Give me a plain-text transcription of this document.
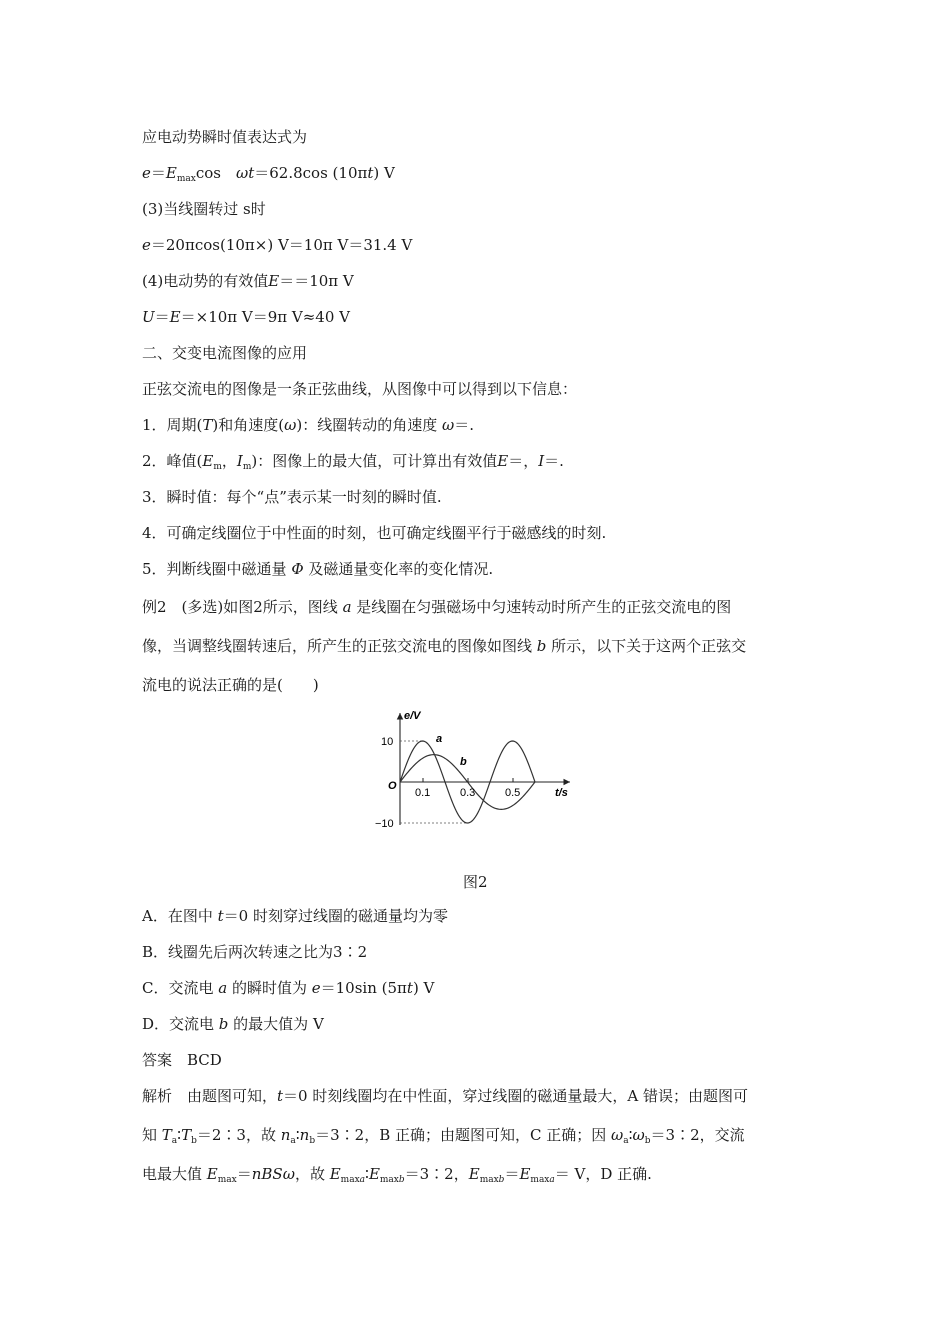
应电动势瞬时值表达式为
$e=E_{max}\cos$　ωt＝62.8cos (10πt) V
(3)当线圈转过 s时
e＝20πcos(10π×) V＝10π V＝31.4 V
(4)电动势的有效值E＝＝10π V
U＝E＝×10π V＝9π V≈40 V
二、交变电流图像的应用
正弦交流电的图像是一条正弦曲线，从图像中可以得到以下信息：
1．周期(T)和角速度(ω)：线圈转动的角速度 ω＝.
2．峰值($E_m$，$I_m$)：图像上的最大值，可计算出有效值E＝，I＝.
3．瞬时值：每个“点”表示某一时刻的瞬时值.
4．可确定线圈位于中性面的时刻，也可确定线圈平行于磁感线的时刻.
5．判断线圈中磁通量 Φ 及磁通量变化率的变化情况.
例2　(多选)如图2所示，图线 a 是线圈在匀强磁场中匀速转动时所产生的正弦交流电的图
像，当调整线圈转速后，所产生的正弦交流电的图像如图线 b 所示，以下关于这两个正弦交
流电的说法正确的是(　　)
A．在图中 t＝0 时刻穿过线圈的磁通量均为零
B．线圈先后两次转速之比为3∶2
C．交流电 a 的瞬时值为 e＝10sin (5πt) V
D．交流电 b 的最大值为 V
答案　BCD
解析　由题图可知，t＝0 时刻线圈均在中性面，穿过线圈的磁通量最大，A 错误；由题图可
知 $T_a∶T_b=2∶3$，故 $n_a∶n_b=3∶2$，B 正确；由题图可知，C 正确；因 $\omega_a∶\omega_b=3∶2$，交流
电最大值 $E_{max}=nBS\omega$，故 $E_{maxa}∶E_{maxb}=3∶2$，$E_{maxb}=E_{maxa}= V$，D 正确.
e/V
O
10
−10
0.1	0.3	0.5	t/s
a
b
图2
